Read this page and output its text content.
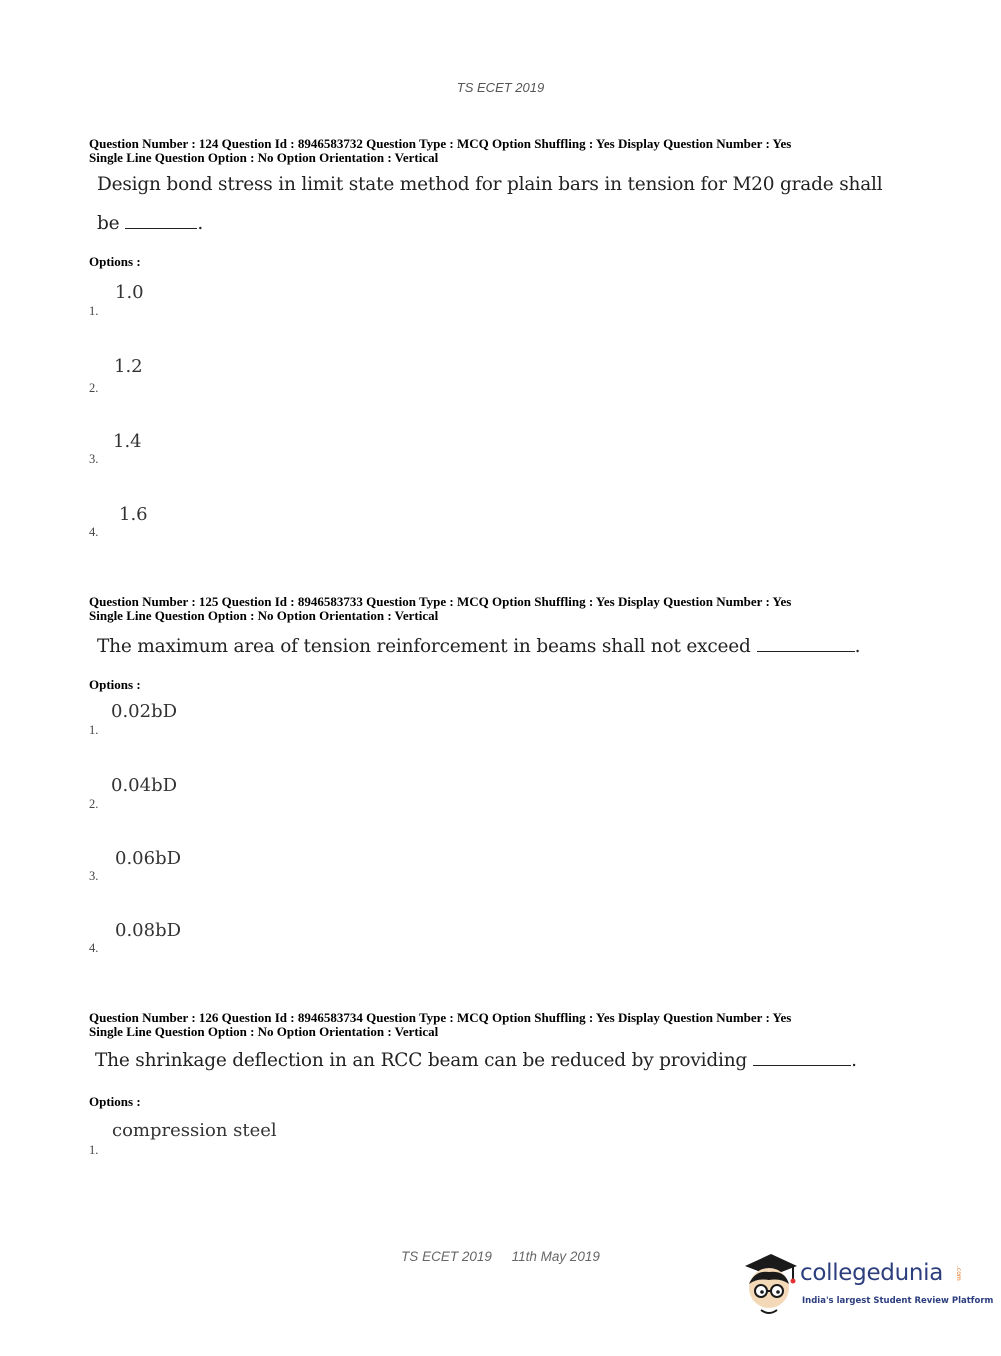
TS ECET 2019
Question Number : 124 Question Id : 8946583732 Question Type : MCQ Option Shuffling : Yes Display Question Number : Yes
Single Line Question Option : No Option Orientation : Vertical
Design bond stress in limit state method for plain bars in tension for M20 grade shall
be	.
Options :
1.
1.0
2.
1.2
3.
1.4
4.
1.6
Question Number : 125 Question Id : 8946583733 Question Type : MCQ Option Shuffling : Yes Display Question Number : Yes
Single Line Question Option : No Option Orientation : Vertical
The maximum area of tension reinforcement in beams shall not exceed	.
Options :
1.
0.02bD
2.
0.04bD
3.
0.06bD
4.
0.08bD
Question Number : 126 Question Id : 8946583734 Question Type : MCQ Option Shuffling : Yes Display Question Number : Yes
Single Line Question Option : No Option Orientation : Vertical
The shrinkage deflection in an RCC beam can be reduced by providing	.
Options :
1.
compression steel
TS ECET 2019 11th May 2019
collegedunia .com
India's largest Student Review Platform
